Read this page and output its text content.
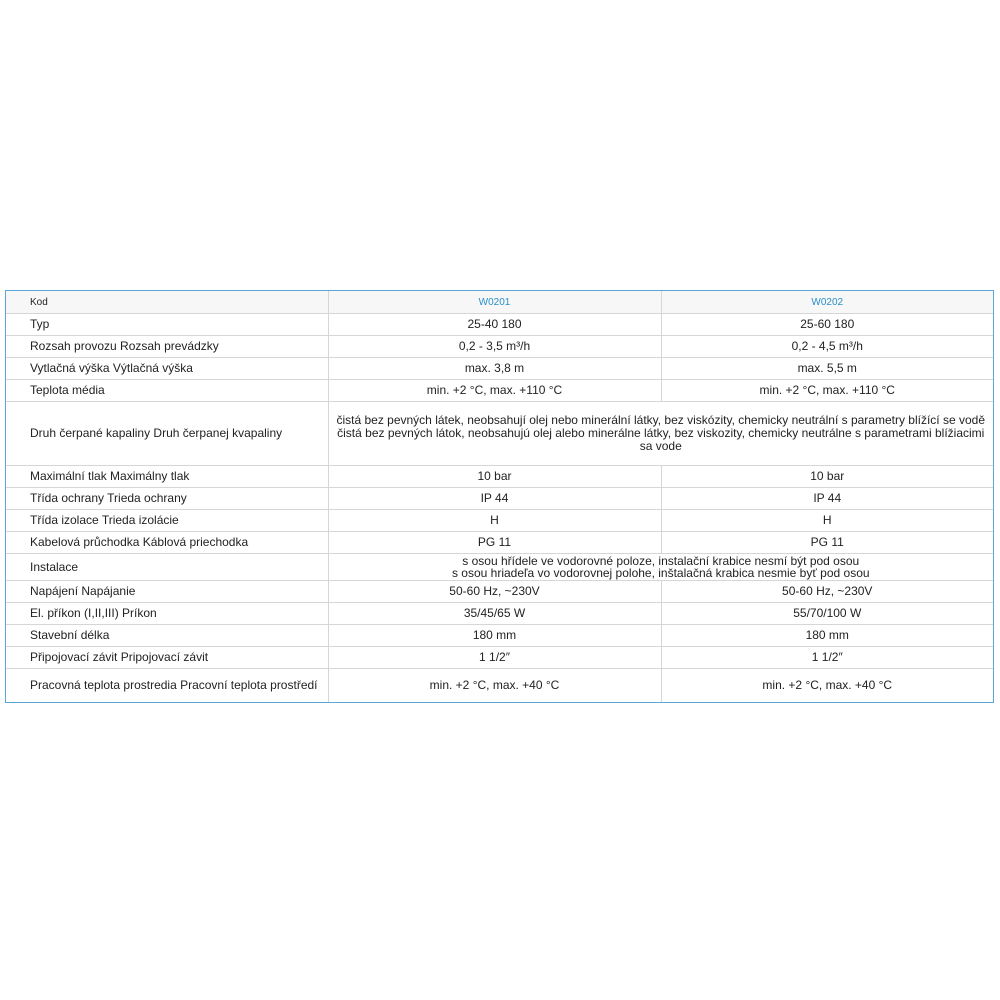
Kod	W0201	W0202
Typ	25-40 180	25-60 180
Rozsah provozu Rozsah prevádzky	0,2 - 3,5 m³/h	0,2 - 4,5 m³/h
Vytlačná výška Výtlačná výška	max. 3,8 m	max. 5,5 m
Teplota média	min. +2 °C, max. +110 °C	min. +2 °C, max. +110 °C
Druh čerpané kapaliny Druh čerpanej kvapaliny	čistá bez pevných látek, neobsahují olej nebo minerální látky, bez viskózity, chemicky neutrální s parametry blížící se vodě čistá bez pevných látok, neobsahujú olej alebo minerálne látky, bez viskozity, chemicky neutrálne s parametrami blížiacimi sa vode	
Maximální tlak Maximálny tlak	10 bar	10 bar
Třída ochrany Trieda ochrany	IP 44	IP 44
Třída izolace Trieda izolácie	H	H
Kabelová průchodka Káblová priechodka	PG 11	PG 11
Instalace	s osou hřídele ve vodorovné poloze, instalační krabice nesmí být pod osou
s osou hriadeľa vo vodorovnej polohe, inštalačná krabica nesmie byť pod osou	

Napájení Napájanie	50-60 Hz, ~230V	50-60 Hz, ~230V
El. příkon (I,II,III) Príkon	35/45/65 W	55/70/100 W
Stavební délka	180 mm	180 mm
Připojovací závit Pripojovací závit	1 1/2″	1 1/2″
Pracovná teplota prostredia Pracovní teplota prostředí	min. +2 °C, max. +40 °C	min. +2 °C, max. +40 °C
